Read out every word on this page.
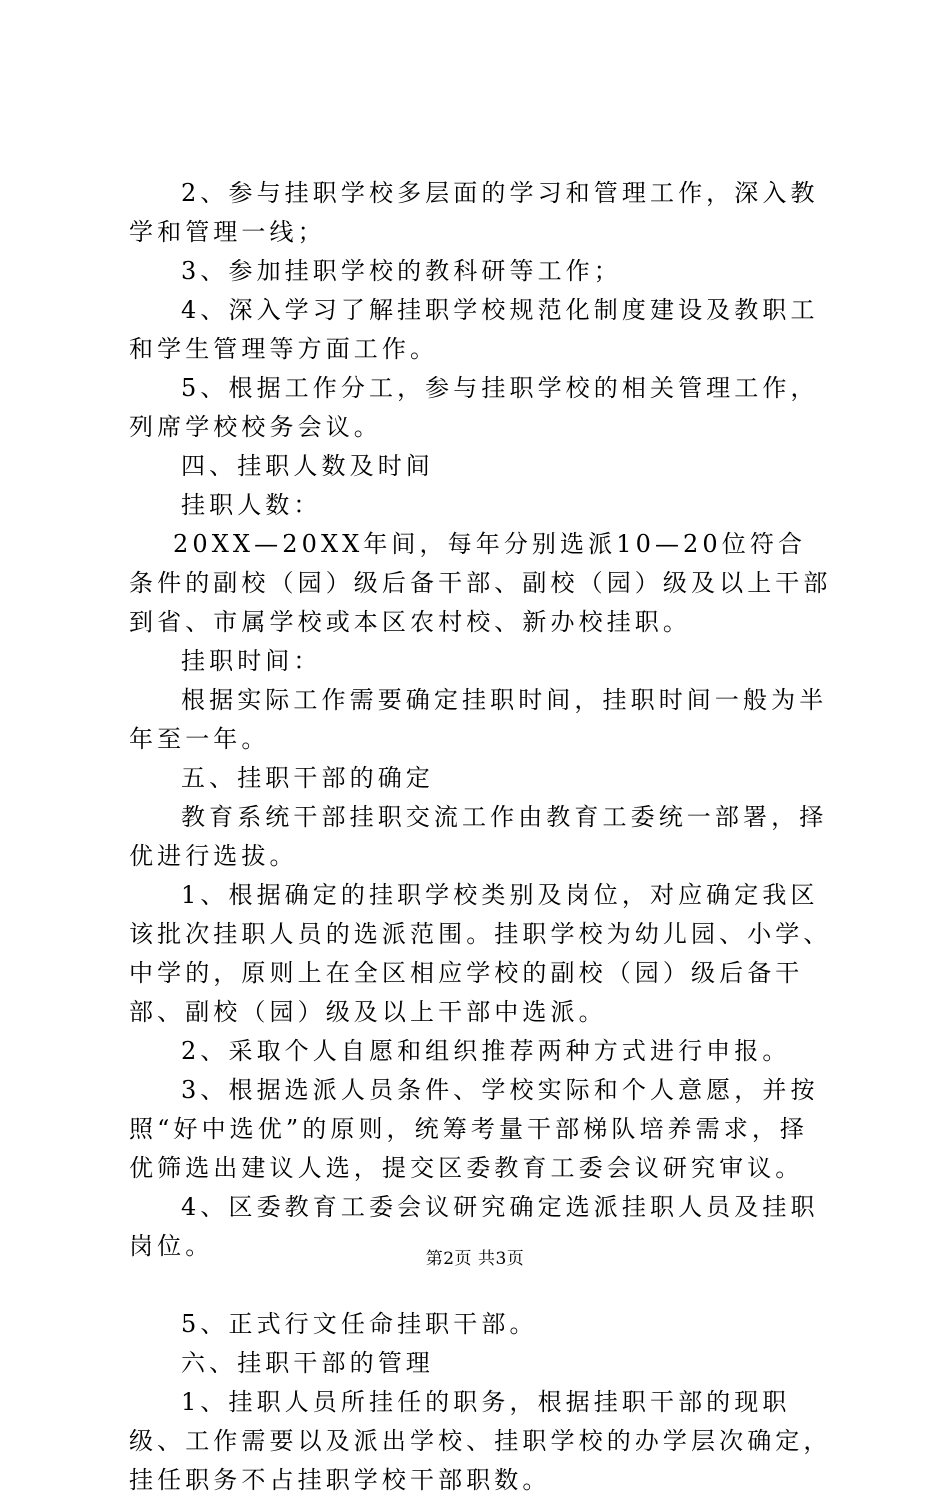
2、参与挂职学校多层面的学习和管理工作，深入教学和管理一线；

3、参加挂职学校的教科研等工作；

4、深入学习了解挂职学校规范化制度建设及教职工和学生管理等方面工作。

5、根据工作分工，参与挂职学校的相关管理工作，列席学校校务会议。

四、挂职人数及时间

挂职人数：

20XX—20XX年间，每年分别选派10—20位符合条件的副校（园）级后备干部、副校（园）级及以上干部到省、市属学校或本区农村校、新办校挂职。

挂职时间：

根据实际工作需要确定挂职时间，挂职时间一般为半年至一年。

五、挂职干部的确定

教育系统干部挂职交流工作由教育工委统一部署，择优进行选拔。

1、根据确定的挂职学校类别及岗位，对应确定我区该批次挂职人员的选派范围。挂职学校为幼儿园、小学、中学的，原则上在全区相应学校的副校（园）级后备干部、副校（园）级及以上干部中选派。

2、采取个人自愿和组织推荐两种方式进行申报。

3、根据选派人员条件、学校实际和个人意愿，并按照“好中选优”的原则，统筹考量干部梯队培养需求，择优筛选出建议人选，提交区委教育工委会议研究审议。

4、区委教育工委会议研究确定选派挂职人员及挂职岗位。

5、正式行文任命挂职干部。

六、挂职干部的管理

1、挂职人员所挂任的职务，根据挂职干部的现职级、工作需要以及派出学校、挂职学校的办学层次确定，挂任职务不占挂职学校干部职数。

第2页 共3页
